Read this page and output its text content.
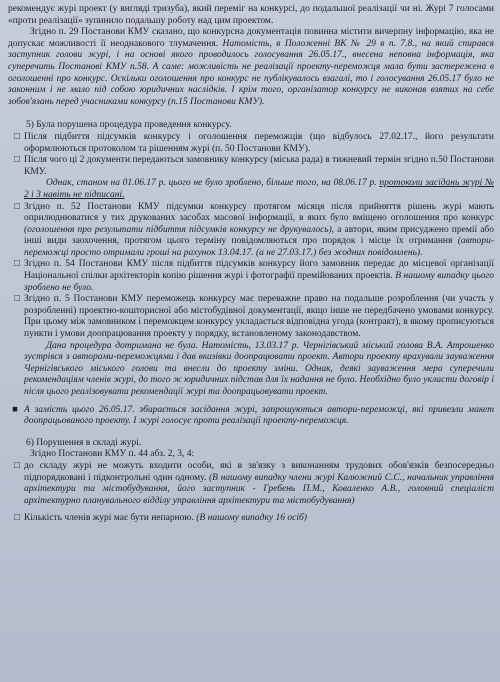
рекомендує журі проект (у вигляді тризуба), який переміг на конкурсі, до подальшої реалізації чи ні. Журі 7 голосами «проти реалізації» зупинило подальшу роботу над цим проектом.

Згідно п. 29 Постанови КМУ сказано, що конкурсна документація повинна містити вичерпну інформацію, яка не допускає можливості її неоднакового тлумачення. Натомість, в Положенні ВК № 29 в п. 7.8., на який спирався заступник голови журі, і на основі якого проводилось голосування 26.05.17., внесена неповна інформація, яка суперечить Постанові КМУ п.58. А саме: можливість не реалізації проекту-переможця мала бути застережена в оголошенні про конкурс. Оскільки оголошення про конкурс не публікувалось взагалі, то і голосування 26.05.17 було не законним і не мало під собою юридичних наслідків. І крім того, організатор конкурсу не виконав взятих на себе зобов'язань перед учасниками конкурсу (п.15 Постанови КМУ).

5) Була порушена процедура проведення конкурсу.

□ Після підбиття підсумків конкурсу і оголошення переможців (що відбулось 27.02.17., його результати оформлюються протоколом та рішенням журі (п. 50 Постанови КМУ).

□ Після чого ці 2 документи передаються замовнику конкурсу (міська рада) в тижневий термін згідно п.50 Постанови КМУ.

Однак, станом на 01.06.17 р. цього не було зроблено, більше того, на 08.06.17 р. протоколи засідань журі № 2 і 3 навіть не підписані.

□ Згідно п. 52 Постанови КМУ підсумки конкурсу протягом місяця після прийняття рішень журі мають оприлюднюватися у тих друкованих засобах масової інформації, в яких було вміщено оголошення про конкурс (оголошення про результати підбиття підсумків конкурсу не друкувалось), а автори, яким присуджено премії або інші види заохочення, протягом цього терміну повідомляються про порядок і місце їх отримання (автори-переможці просто отримали гроші на рахунок 13.04.17. (а не 27.03.17.) без жодних повідомлень).

□ Згідно п. 54 Постанови КМУ після підбиття підсумків конкурсу його замовник передає до місцевої організації Національної спілки архітекторів копію рішення журі і фотографії премійованих проектів. В нашому випадку цього зроблено не було.

□ Згідно п. 5 Постанови КМУ переможець конкурсу має переважне право на подальше розроблення (чи участь у розробленні) проектно-кошторисної або містобудівної документації, якщо інше не передбачено умовами конкурсу. При цьому між замовником і переможцем конкурсу укладається відповідна угода (контракт), в якому прописуються пункти і умови доопрацювання проекту у порядку, встановленому законодавством.

Дана процедура дотримана не була. Натомість, 13.03.17 р. Чернігівський міський голова В.А. Атрошенко зустрівся з авторами-переможцями і дав вказівки доопрацювати проект. Автори проекту врахували зауваження Чернігівського міського голови та внесли до проекту зміни. Однак, деякі зауваження мера суперечили рекомендаціям членів журі, до того ж юридичних підстав для їх надання не було. Необхідно було укласти договір і після цього реалізовувати рекомендації журі та доопрацьовувати проект.

■ А замість цього 26.05.17. збирається засідання журі, запрошуються автори-переможці, які привезли макет доопрацьованого проекту. І журі голосує проти реалізації проекту-переможця.

6) Порушення в складі журі.

Згідно Постанови КМУ п. 44 абз. 2, 3, 4:

□ до складу журі не можуть входити особи, які в зв'язку з виконанням трудових обов'язків безпосередньо підпорядковані і підконтрольні один одному. (В нашому випадку члени журі Калюжний С.С., начальник управління архітектури та містобудування, його заступник - Гребень П.М., Коваленко А.В., головний спеціаліст архітектурно планувального відділу управління архітектури та містобудування)

□ Кількість членів журі має бути непарною. (В нашому випадку 16 осіб)
